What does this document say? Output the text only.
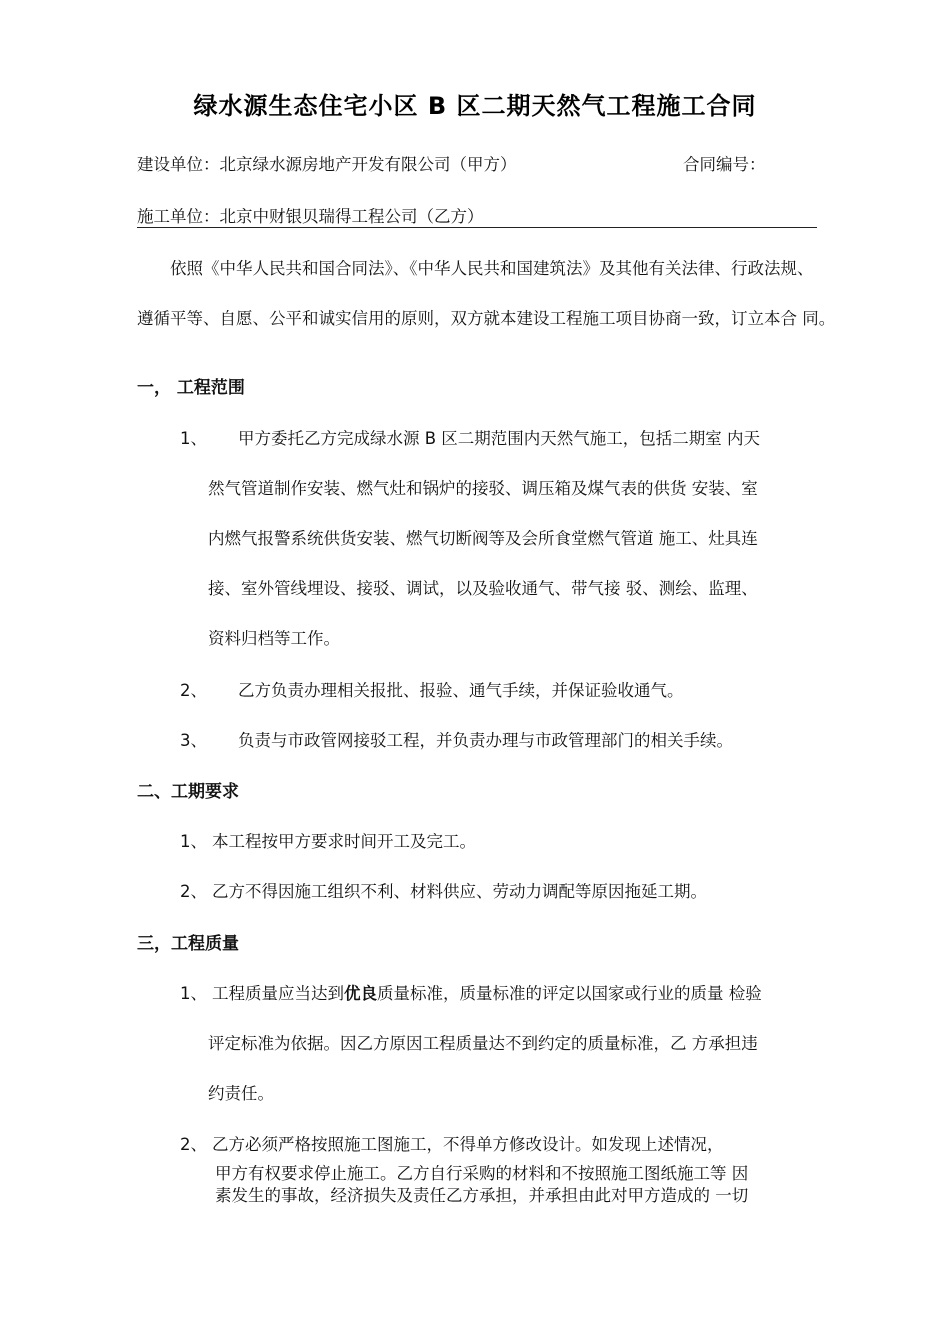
绿水源生态住宅小区 B 区二期天然气工程施工合同
建设单位：北京绿水源房地产开发有限公司（甲方）	合同编号：
施工单位：北京中财银贝瑞得工程公司（乙方）
依照《中华人民共和国合同法》、《中华人民共和国建筑法》及其他有关法律、行政法规、
遵循平等、自愿、公平和诚实信用的原则，双方就本建设工程施工项目协商一致，订立本合 同。
一， 工程范围
1、 甲方委托乙方完成绿水源 B 区二期范围内天然气施工，包括二期室 内天
然气管道制作安装、燃气灶和锅炉的接驳、调压箱及煤气表的供货 安装、室
内燃气报警系统供货安装、燃气切断阀等及会所食堂燃气管道 施工、灶具连
接、室外管线埋设、接驳、调试，以及验收通气、带气接 驳、测绘、监理、
资料归档等工作。
2、 乙方负责办理相关报批、报验、通气手续，并保证验收通气。
3、 负责与市政管网接驳工程，并负责办理与市政管理部门的相关手续。
二、工期要求
1、 本工程按甲方要求时间开工及完工。
2、 乙方不得因施工组织不利、材料供应、劳动力调配等原因拖延工期。
三，工程质量
1、 工程质量应当达到优良质量标准，质量标准的评定以国家或行业的质量 检验
评定标准为依据。因乙方原因工程质量达不到约定的质量标准，乙 方承担违
约责任。
2、 乙方必须严格按照施工图施工，不得单方修改设计。如发现上述情况，
甲方有权要求停止施工。乙方自行采购的材料和不按照施工图纸施工等 因
素发生的事故，经济损失及责任乙方承担，并承担由此对甲方造成的 一切
